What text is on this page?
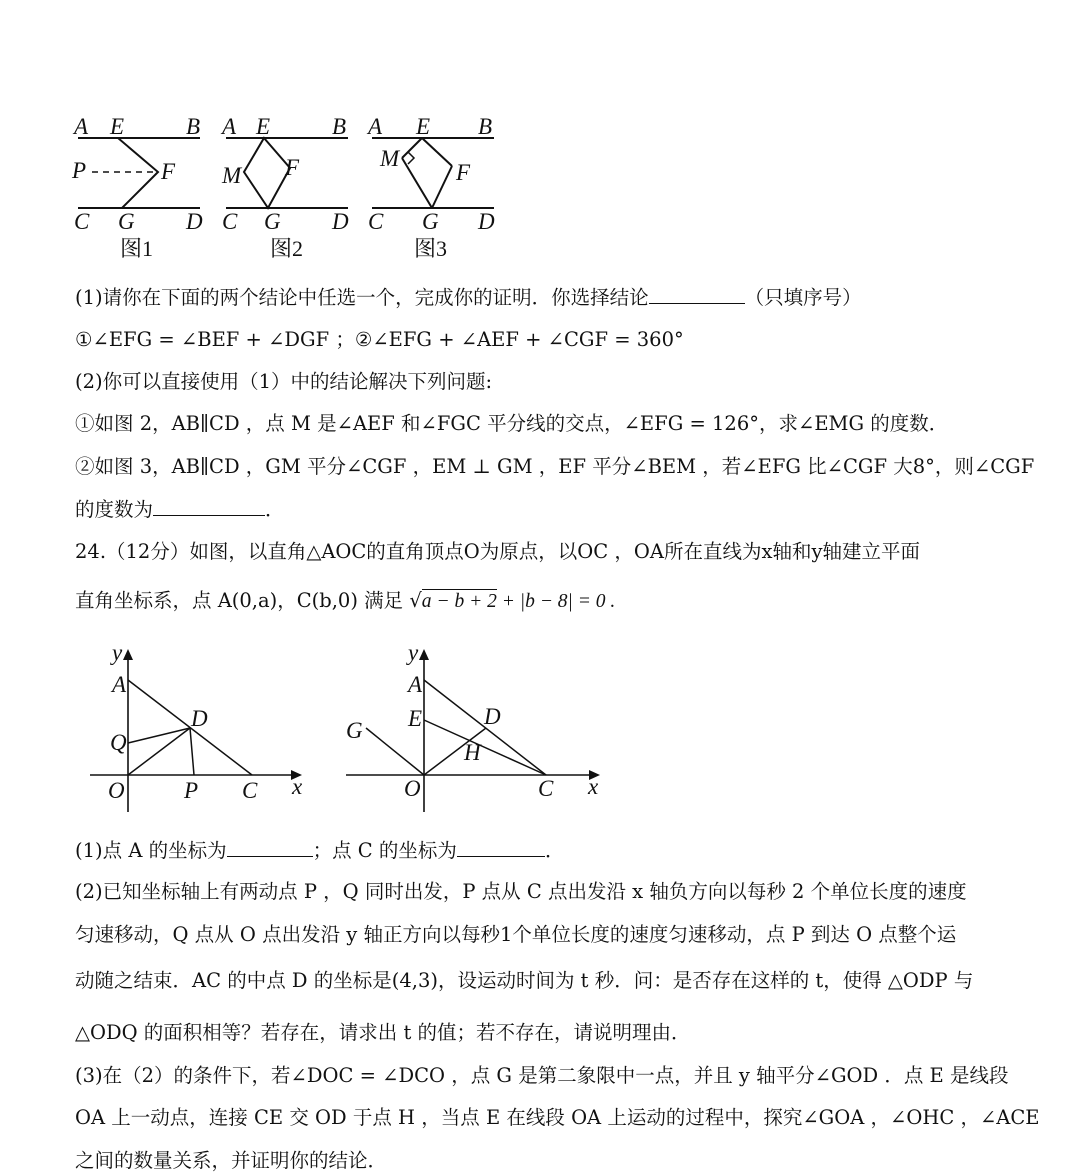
A E	B
P	F
C G D
图1
A E	B
M F
C G D
图2
A E B
M
F
C G D
图3
(1)请你在下面的两个结论中任选一个，完成你的证明．你选择结论	（只填序号）
①∠EFG = ∠BEF + ∠DGF ；②∠EFG + ∠AEF + ∠CGF = 360°
(2)你可以直接使用（1）中的结论解决下列问题:
①如图 2，AB∥CD ，点 M 是∠AEF 和∠FGC 平分线的交点，∠EFG = 126°，求∠EMG 的度数．
②如图 3，AB∥CD ，GM 平分∠CGF ，EM ⊥ GM ，EF 平分∠BEM ，若∠EFG 比∠CGF 大8°，则∠CGF
的度数为	．
24.（12分）如图，以直角△AOC的直角顶点O为原点，以OC ，OA所在直线为x轴和y轴建立平面
直角坐标系，点 A(0,a)，C(b,0) 满足 √a − b + 2 + |b − 8| = 0 .
y
A
D
Q
O	P C x
y
A
E	D
G
H
O	C x
(1)点 A 的坐标为	；点 C 的坐标为	．
(2)已知坐标轴上有两动点 P ，Q 同时出发，P 点从 C 点出发沿 x 轴负方向以每秒 2 个单位长度的速度
匀速移动，Q 点从 O 点出发沿 y 轴正方向以每秒1个单位长度的速度匀速移动，点 P 到达 O 点整个运
动随之结束．AC 的中点 D 的坐标是(4,3)，设运动时间为 t 秒．问：是否存在这样的 t，使得 △ODP 与
△ODQ 的面积相等？若存在，请求出 t 的值；若不存在，请说明理由．
(3)在（2）的条件下，若∠DOC = ∠DCO ，点 G 是第二象限中一点，并且 y 轴平分∠GOD ．点 E 是线段
OA 上一动点，连接 CE 交 OD 于点 H ，当点 E 在线段 OA 上运动的过程中，探究∠GOA ，∠OHC ，∠ACE
之间的数量关系，并证明你的结论．
